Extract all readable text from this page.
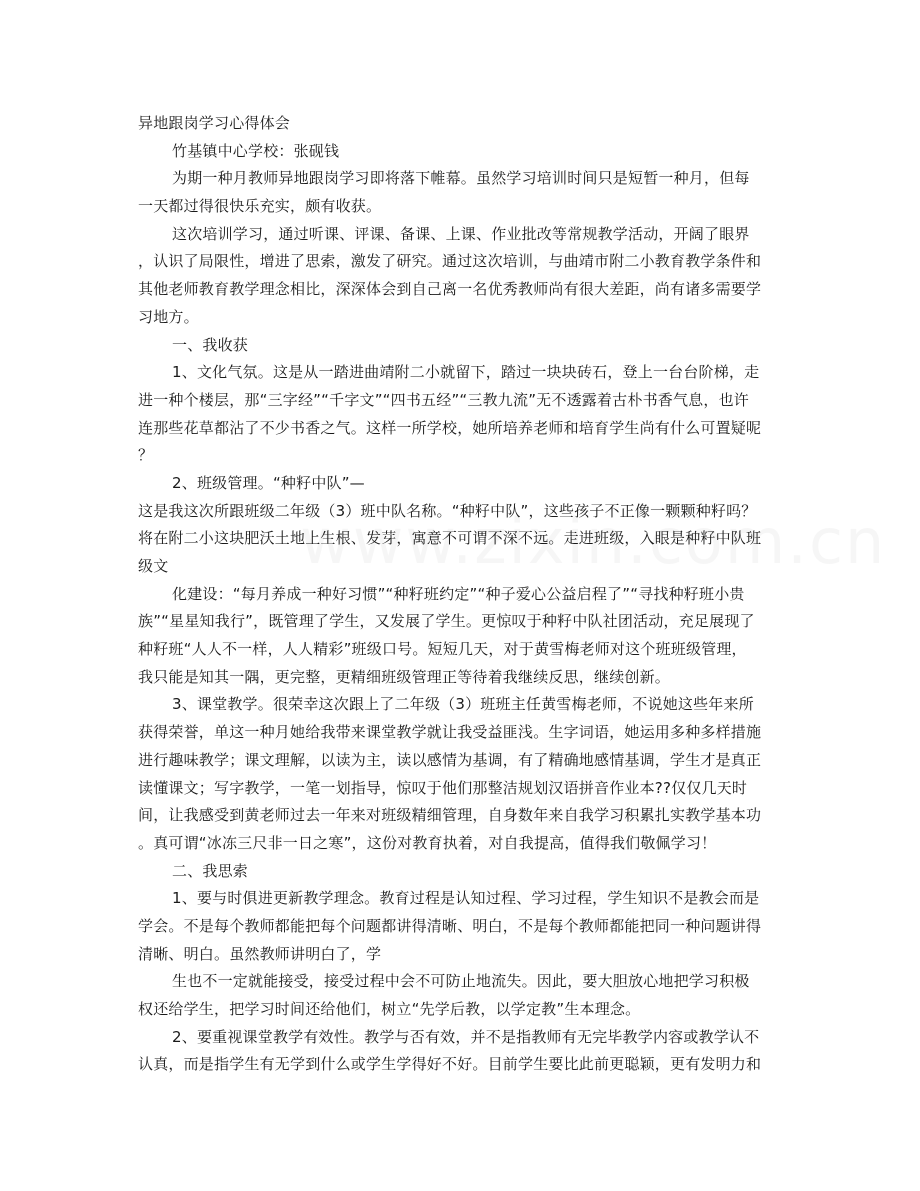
异地跟岗学习心得体会
竹基镇中心学校：张砚钱
为期一种月教师异地跟岗学习即将落下帷幕。虽然学习培训时间只是短暂一种月，但每
一天都过得很快乐充实，颇有收获。
这次培训学习，通过听课、评课、备课、上课、作业批改等常规教学活动，开阔了眼界
，认识了局限性，增进了思索，激发了研究。通过这次培训，与曲靖市附二小教育教学条件和
其他老师教育教学理念相比，深深体会到自己离一名优秀教师尚有很大差距，尚有诸多需要学
习地方。
一、我收获
1、文化气氛。这是从一踏进曲靖附二小就留下，踏过一块块砖石，登上一台台阶梯，走
进一种个楼层，那“三字经”“千字文”“四书五经”“三教九流”无不透露着古朴书香气息，也许
连那些花草都沾了不少书香之气。这样一所学校，她所培养老师和培育学生尚有什么可置疑呢
？
2、班级管理。“种籽中队”—
这是我这次所跟班级二年级（3）班中队名称。“种籽中队”，这些孩子不正像一颗颗种籽吗？
将在附二小这块肥沃土地上生根、发芽，寓意不可谓不深不远。走进班级，入眼是种籽中队班
级文
化建设：“每月养成一种好习惯”“种籽班约定”“种子爱心公益启程了”“寻找种籽班小贵
族”“星星知我行”，既管理了学生，又发展了学生。更惊叹于种籽中队社团活动，充足展现了
种籽班“人人不一样，人人精彩”班级口号。短短几天，对于黄雪梅老师对这个班班级管理，
我只能是知其一隅，更完整，更精细班级管理正等待着我继续反思，继续创新。
3、课堂教学。很荣幸这次跟上了二年级（3）班班主任黄雪梅老师，不说她这些年来所
获得荣誉，单这一种月她给我带来课堂教学就让我受益匪浅。生字词语，她运用多种多样措施
进行趣味教学；课文理解，以读为主，读以感情为基调，有了精确地感情基调，学生才是真正
读懂课文；写字教学，一笔一划指导，惊叹于他们那整洁规划汉语拼音作业本??仅仅几天时
间，让我感受到黄老师过去一年来对班级精细管理，自身数年来自我学习积累扎实教学基本功
。真可谓“冰冻三尺非一日之寒”，这份对教育执着，对自我提高，值得我们敬佩学习！
二、我思索
1、要与时俱进更新教学理念。教育过程是认知过程、学习过程，学生知识不是教会而是
学会。不是每个教师都能把每个问题都讲得清晰、明白，不是每个教师都能把同一种问题讲得
清晰、明白。虽然教师讲明白了，学
生也不一定就能接受，接受过程中会不可防止地流失。因此，要大胆放心地把学习积极
权还给学生，把学习时间还给他们，树立“先学后教，以学定教”生本理念。
2、要重视课堂教学有效性。教学与否有效，并不是指教师有无完毕教学内容或教学认不
认真，而是指学生有无学到什么或学生学得好不好。目前学生要比此前更聪颖，更有发明力和
